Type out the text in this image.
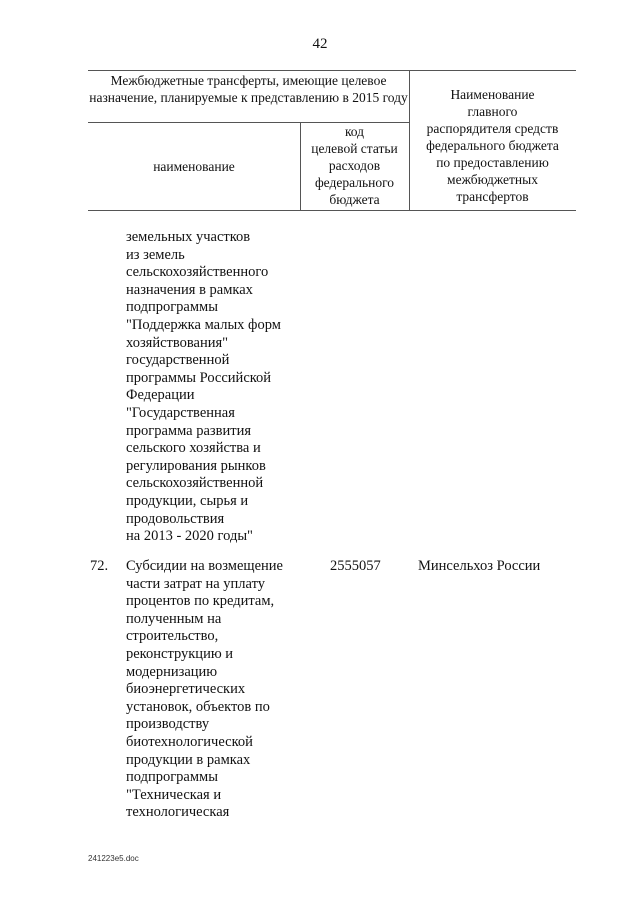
42
Межбюджетные трансферты, имеющие целевое назначение, планируемые к представлению в 2015 году
наименование
код
целевой статьи
расходов
федерального
бюджета
Наименование
главного
распорядителя средств
федерального бюджета
по предоставлению
межбюджетных
трансфертов
земельных участков
из земель
сельскохозяйственного
назначения в рамках
подпрограммы
"Поддержка малых форм
хозяйствования"
государственной
программы Российской
Федерации
"Государственная
программа развития
сельского хозяйства и
регулирования рынков
сельскохозяйственной
продукции, сырья и
продовольствия
на 2013 - 2020 годы"
72. Субсидии на возмещение
части затрат на уплату
процентов по кредитам,
полученным на
строительство,
реконструкцию и
модернизацию
биоэнергетических
установок, объектов по
производству
биотехнологической
продукции в рамках
подпрограммы
"Техническая и
технологическая
2555057	Минсельхоз России
241223e5.doc
